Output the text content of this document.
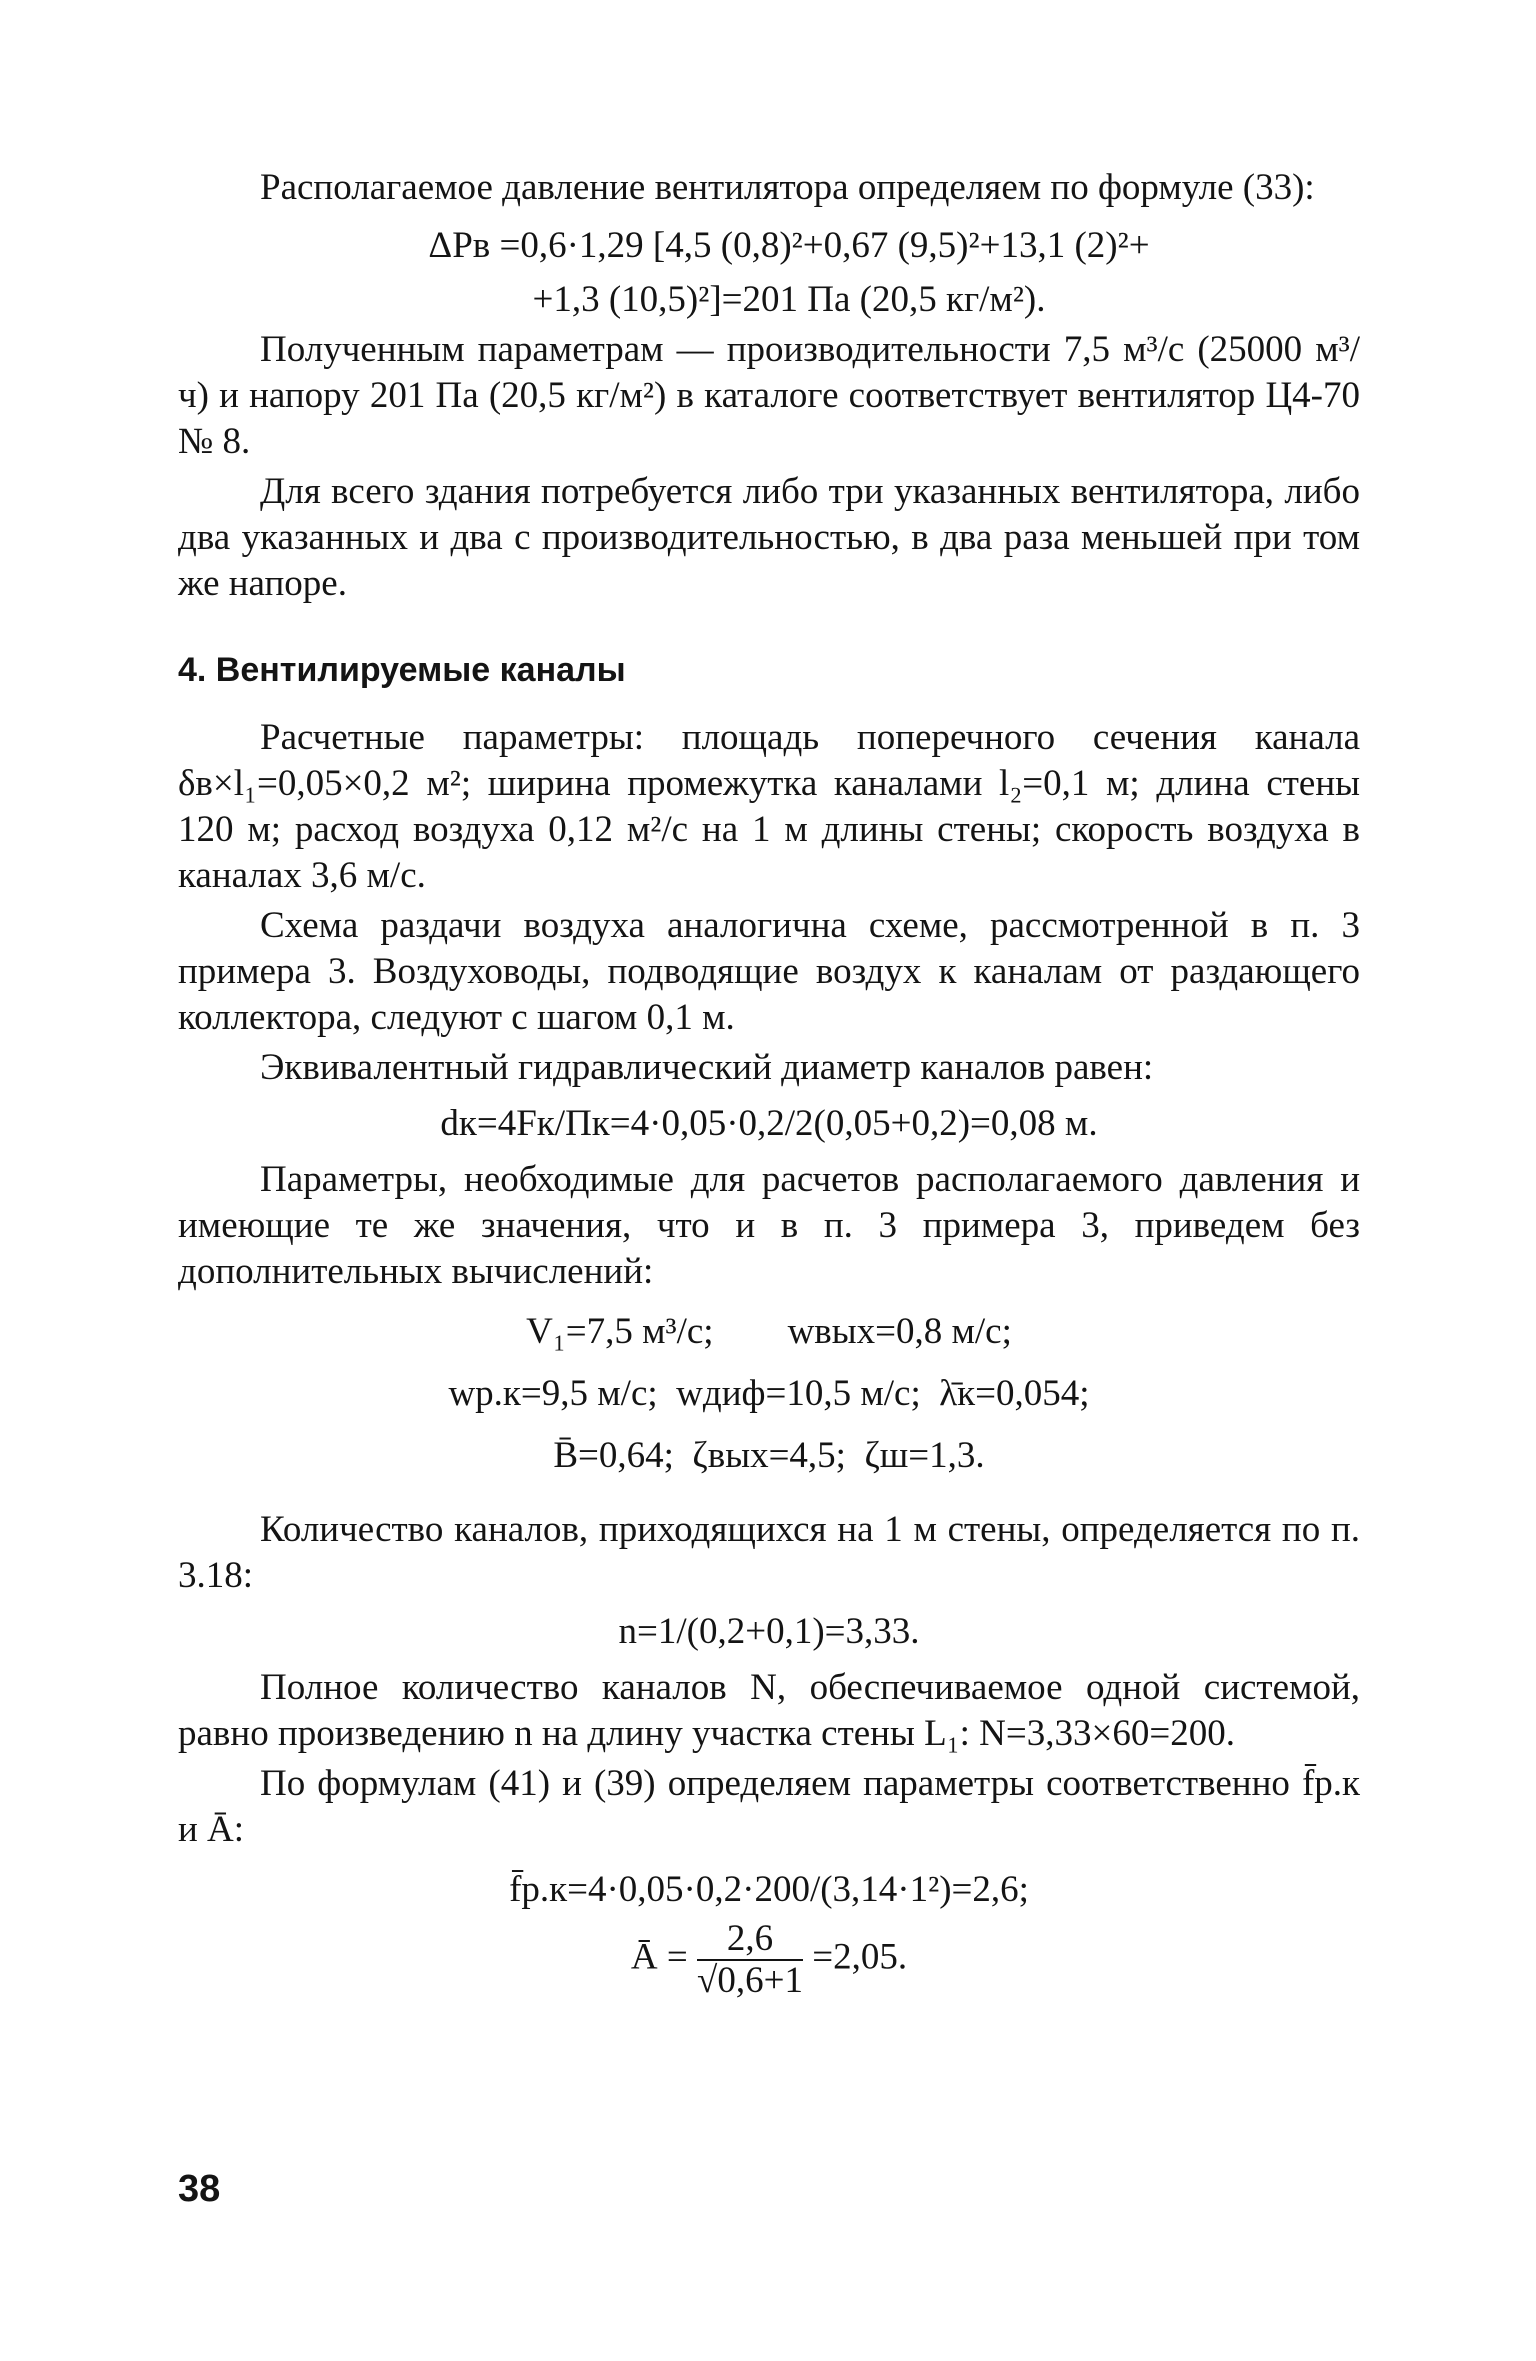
Располагаемое давление вентилятора определяем по формуле (33):

ΔPв =0,6·1,29 [4,5 (0,8)²+0,67 (9,5)²+13,1 (2)²+
+1,3 (10,5)²]=201 Па (20,5 кг/м²).

Полученным параметрам — производительности 7,5 м³/с (25000 м³/ч) и напору 201 Па (20,5 кг/м²) в каталоге соответствует вентилятор Ц4-70 № 8.

Для всего здания потребуется либо три указанных вентилятора, либо два указанных и два с производительностью, в два раза меньшей при том же напоре.

4. Вентилируемые каналы

Расчетные параметры: площадь поперечного сечения канала δв×l₁=0,05×0,2 м²; ширина промежутка каналами l₂=0,1 м; длина стены 120 м; расход воздуха 0,12 м²/с на 1 м длины стены; скорость воздуха в каналах 3,6 м/с.

Схема раздачи воздуха аналогична схеме, рассмотренной в п. 3 примера 3. Воздуховоды, подводящие воздух к каналам от раздающего коллектора, следуют с шагом 0,1 м.

Эквивалентный гидравлический диаметр каналов равен:

dк=4Fк/Пк=4·0,05·0,2/2(0,05+0,2)=0,08 м.

Параметры, необходимые для расчетов располагаемого давления и имеющие те же значения, что и в п. 3 примера 3, приведем без дополнительных вычислений:

V₁=7,5 м³/с;        wвых=0,8 м/с;
wр.к=9,5 м/с;  wдиф=10,5 м/с;  λ̄к=0,054;
B̄=0,64;  ζвых=4,5;  ζш=1,3.

Количество каналов, приходящихся на 1 м стены, определяется по п. 3.18:

n=1/(0,2+0,1)=3,33.

Полное количество каналов N, обеспечиваемое одной системой, равно произведению n на длину участка стены L₁: N=3,33×60=200.

По формулам (41) и (39) определяем параметры соответственно f̄р.к и Ā:

f̄р.к=4·0,05·0,2·200/(3,14·1²)=2,6;
Ā = $\frac{2,6}{√0,6+1} =2,05$.
38
